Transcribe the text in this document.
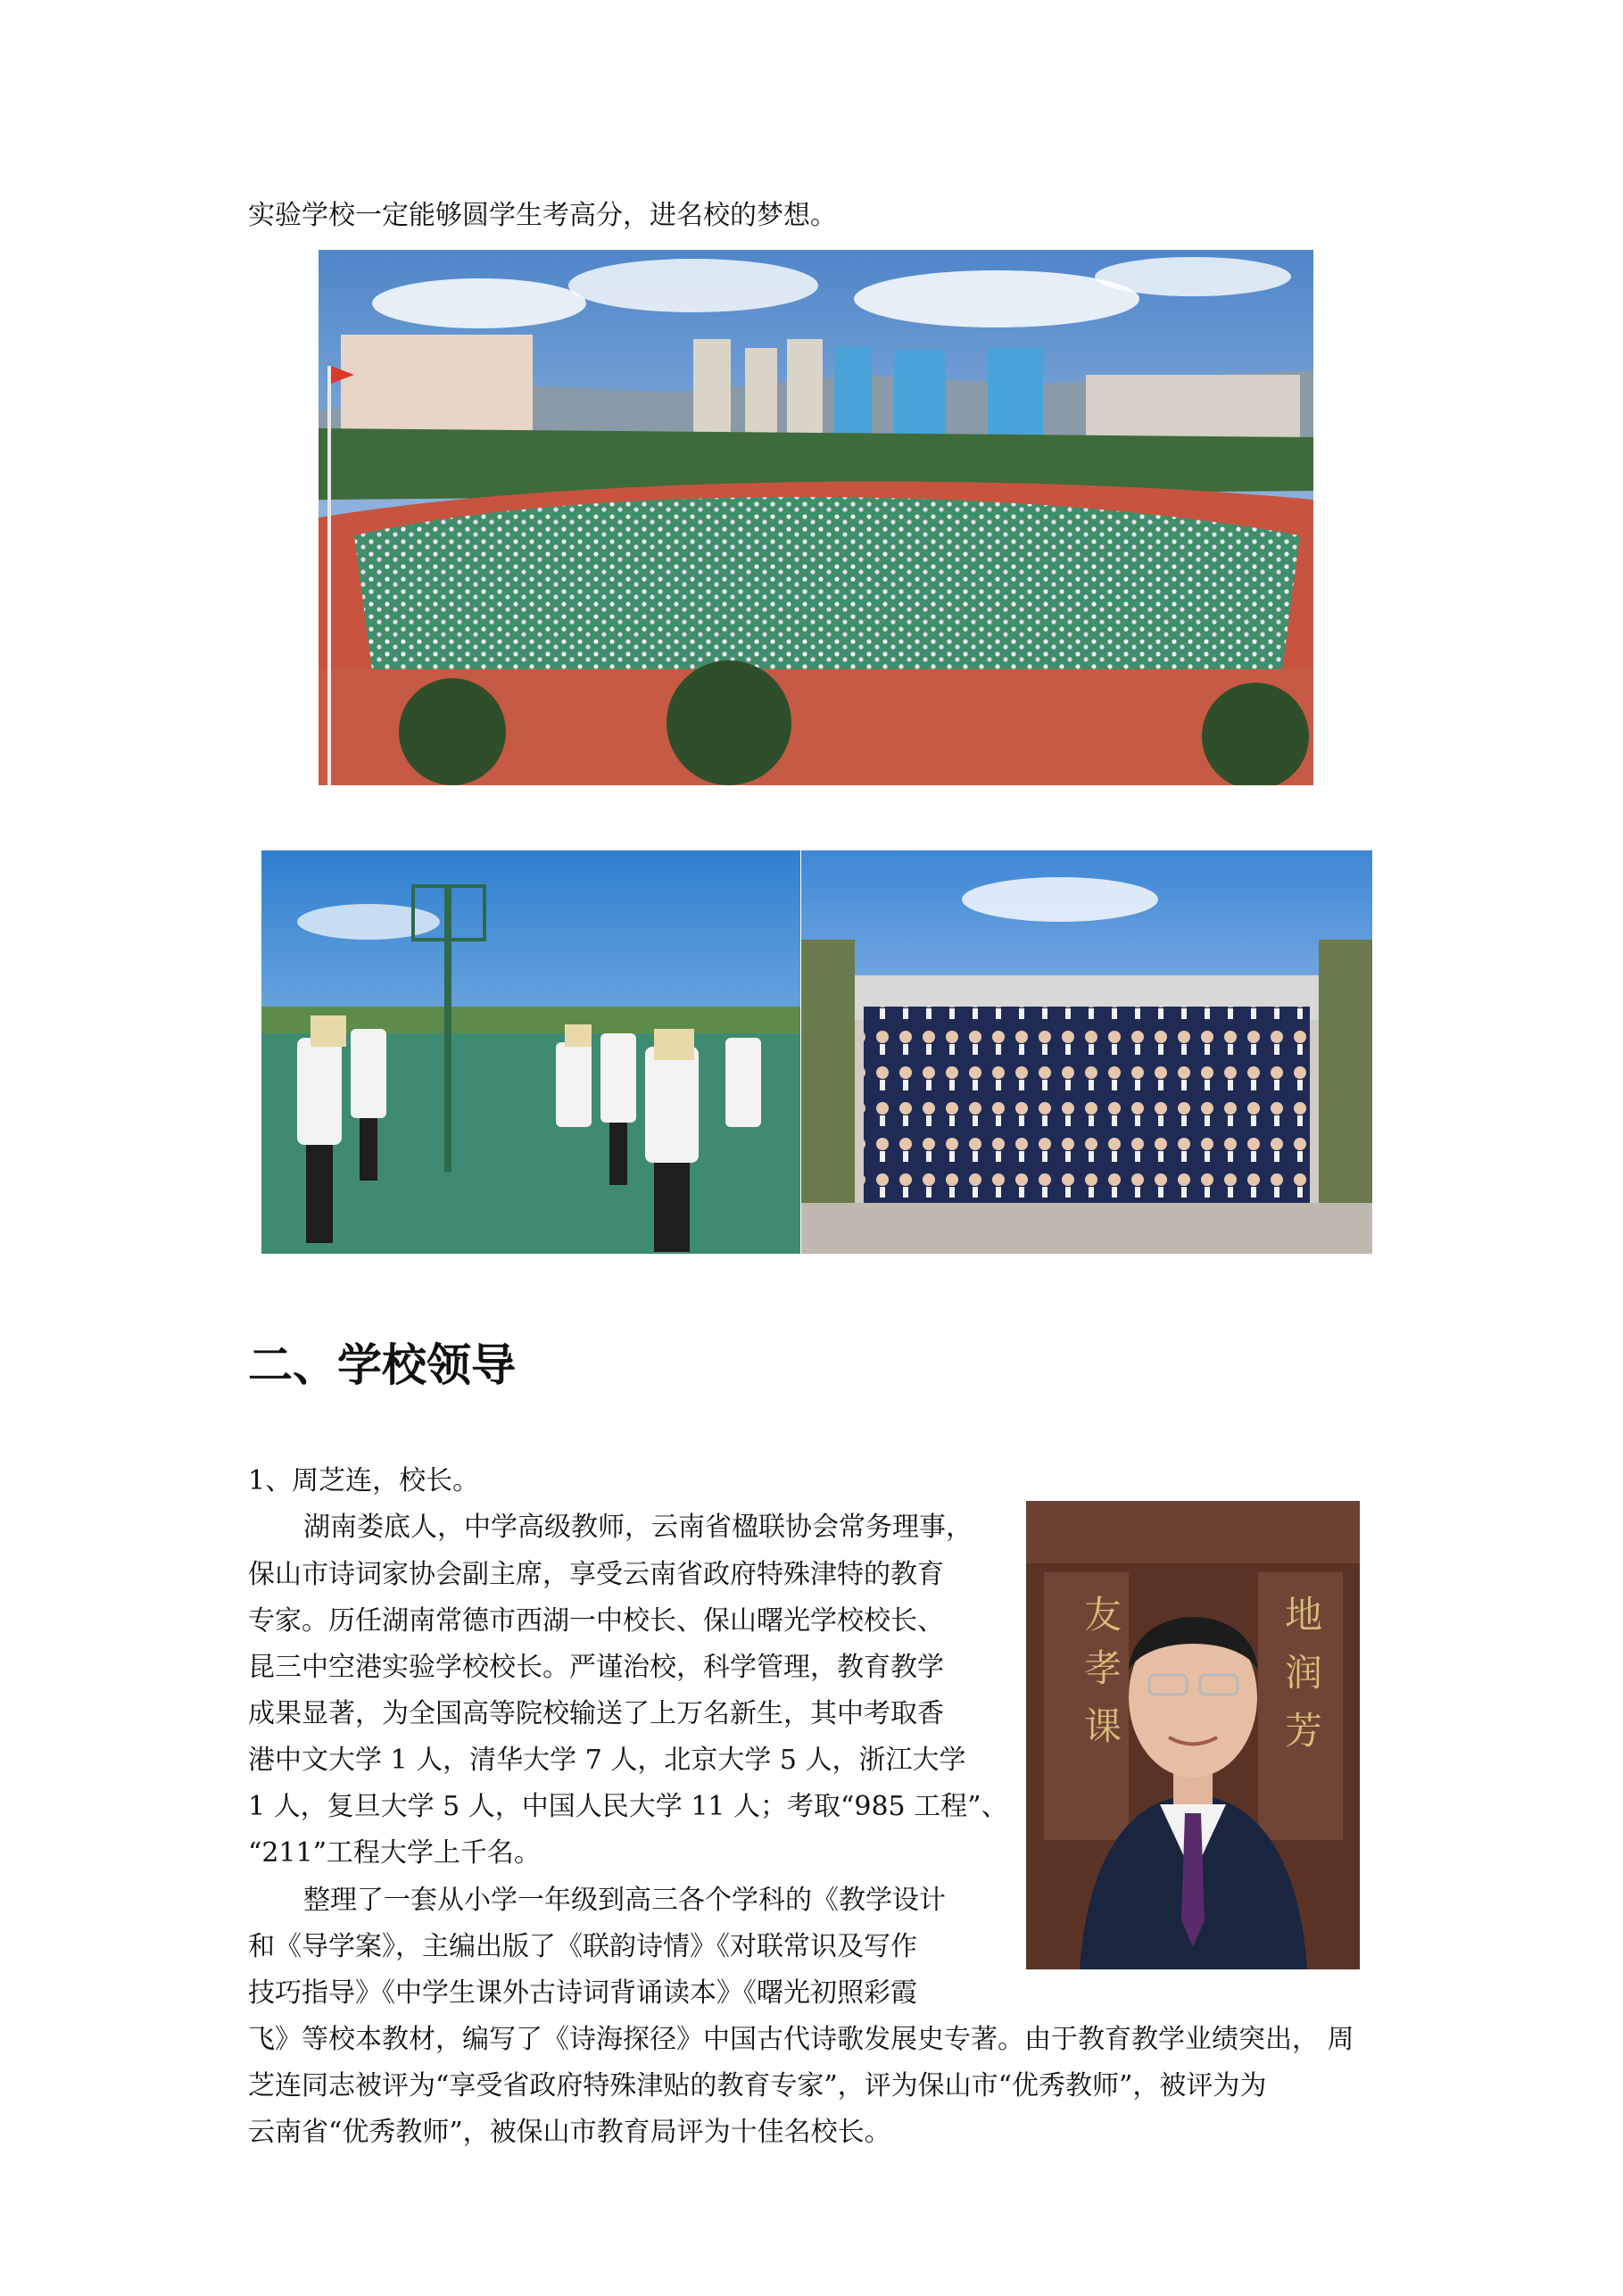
实验学校一定能够圆学生考高分，进名校的梦想。
二、学校领导
1、周芝连，校长。
湖南娄底人，中学高级教师，云南省楹联协会常务理事，
保山市诗词家协会副主席，享受云南省政府特殊津特的教育
专家。历任湖南常德市西湖一中校长、保山曙光学校校长、
昆三中空港实验学校校长。严谨治校，科学管理，教育教学
成果显著，为全国高等院校输送了上万名新生，其中考取香
港中文大学 1 人，清华大学 7 人，北京大学 5 人，浙江大学
1 人，复旦大学 5 人，中国人民大学 11 人；考取“985 工程”、
“211”工程大学上千名。
整理了一套从小学一年级到高三各个学科的《教学设计
和《导学案》，主编出版了《联韵诗情》《对联常识及写作
技巧指导》《中学生课外古诗词背诵读本》《曙光初照彩霞
飞》等校本教材，编写了《诗海探径》中国古代诗歌发展史专著。由于教育教学业绩突出， 周
芝连同志被评为“享受省政府特殊津贴的教育专家”，评为保山市“优秀教师”，被评为为
云南省“优秀教师”，被保山市教育局评为十佳名校长。
友	地
孝	润
课	芳
